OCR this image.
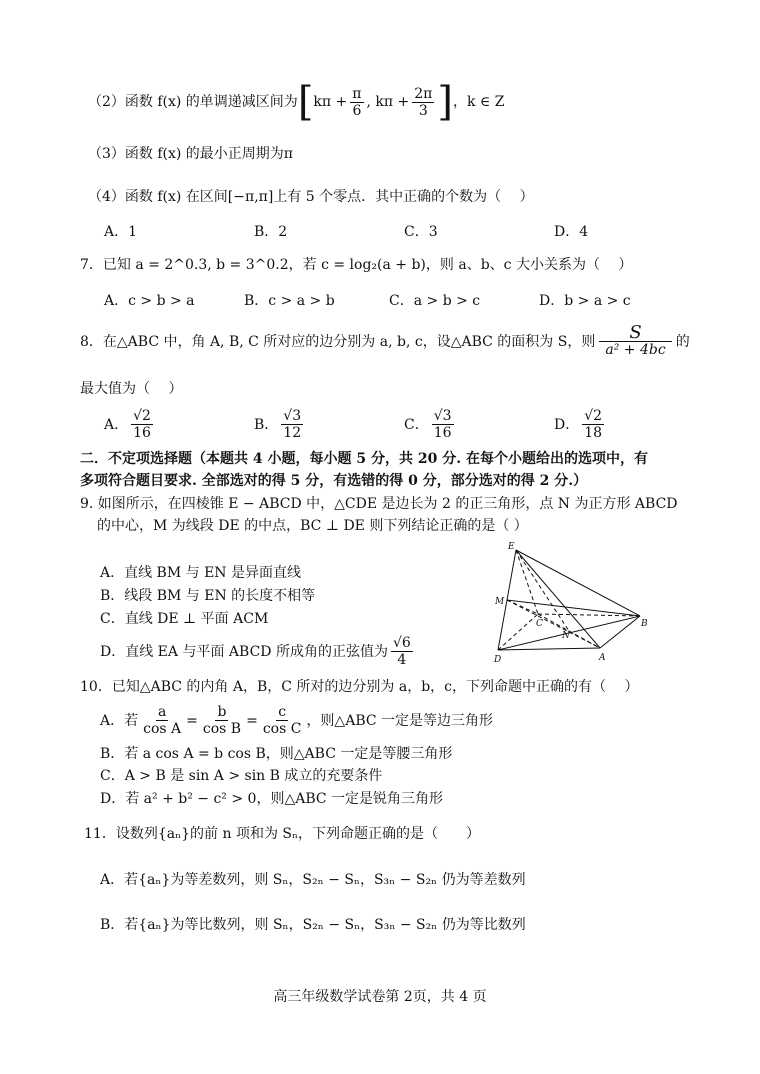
（2）函数 f(x) 的单调递减区间为 [ $k\pi + \frac{\pi}{6}$ , $k\pi + \frac{2\pi}{3}$ ] ，k ∈ Z
（3）函数 f(x) 的最小正周期为π
（4）函数 f(x) 在区间[−π,π]上有 5 个零点．其中正确的个数为（　 ）
A．1	B．2	C．3	D．4
7．已知 a = 2^0.3, b = 3^0.2，若 c = log₂(a + b)，则 a、b、c 大小关系为（　 ）
A．c > b > a	B．c > a > b	C．a > b > c	D．b > a > c
8．在△ABC 中，角 A, B, C 所对应的边分别为 a, b, c，设△ABC 的面积为 S，则 $\frac{S}{\text{a² + 4bc}}$ 的
最大值为（　 ）
A． $\frac{√2}{16}$	B． $\frac{√3}{12}$	C． $\frac{√3}{16}$	D． $\frac{√2}{18}$
二．不定项选择题（本题共 4 小题，每小题 5 分，共 20 分. 在每个小题给出的选项中，有
多项符合题目要求. 全部选对的得 5 分，有选错的得 0 分，部分选对的得 2 分.）
9. 如图所示，在四棱锥 E − ABCD 中，△CDE 是边长为 2 的正三角形，点 N 为正方形 ABCD
的中心，M 为线段 DE 的中点，BC ⊥ DE 则下列结论正确的是（ ）
A．直线 BM 与 EN 是异面直线
B．线段 BM 与 EN 的长度不相等
C．直线 DE ⊥ 平面 ACM
D．直线 EA 与平面 ABCD 所成角的正弦值为 $\frac{√6}{4}$
E
M
C
N
B
D	A
10．已知△ABC 的内角 A，B，C 所对的边分别为 a，b，c，下列命题中正确的有（　 ）
A．若 $\frac{a}{\text{cos A}} = \frac{b}{\text{cos B}} = \frac{c}{\text{cos C}}$ ，则△ABC 一定是等边三角形
B．若 a cos A = b cos B，则△ABC 一定是等腰三角形
C．A > B 是 sin A > sin B 成立的充要条件
D．若 a² + b² − c² > 0，则△ABC 一定是锐角三角形
11．设数列{aₙ}的前 n 项和为 Sₙ，下列命题正确的是（　　）
A．若{aₙ}为等差数列，则 Sₙ，S₂ₙ − Sₙ，S₃ₙ − S₂ₙ 仍为等差数列
B．若{aₙ}为等比数列，则 Sₙ，S₂ₙ − Sₙ，S₃ₙ − S₂ₙ 仍为等比数列
高三年级数学试卷第 2页，共 4 页
